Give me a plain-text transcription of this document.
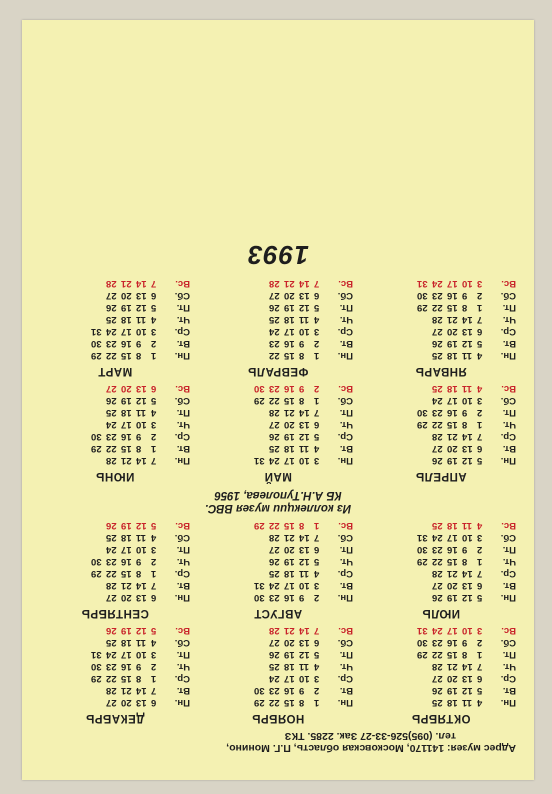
Адрес музея: 141170, Московская область, П.Г. Монино,
тел. (095)526-33-27 Зак. 2285. ТКЗ
ОКТЯБРЬ
Пн.	4	11	18	25	
Вт.	5	12	19	26	
Ср.	6	13	20	27	
Чт.	7	14	21	28	
Пт.	1	8	15	22	29
Сб.	2	9	16	23	30
Вс.	3	10	17	24	31
НОЯБРЬ
Пн.	1	8	15	22	29
Вт.	2	9	16	23	30
Ср.	3	10	17	24	
Чт.	4	11	18	25	
Пт.	5	12	19	26	
Сб.	6	13	20	27	
Вс.	7	14	21	28	
ДЕКАБРЬ
Пн.	6	13	20	27	
Вт.	7	14	21	28	
Ср.	1	8	15	22	29
Чт.	2	9	16	23	30
Пт.	3	10	17	24	31
Сб.	4	11	18	25	
Вс.	5	12	19	26	
ИЮЛЬ
Пн.	5	12	19	26	
Вт.	6	13	20	27	
Ср.	7	14	21	28	
Чт.	1	8	15	22	29
Пт.	2	9	16	23	30
Сб.	3	10	17	24	31
Вс.	4	11	18	25	
АВГУСТ
Пн.	2	9	16	23	30
Вт.	3	10	17	24	31
Ср.	4	11	18	25	
Чт.	5	12	19	26	
Пт.	6	13	20	27	
Сб.	7	14	21	28	
Вс.	1	8	15	22	29
СЕНТЯБРЬ
Пн.	6	13	20	27	
Вт.	7	14	21	28	
Ср.	1	8	15	22	29
Чт.	2	9	16	23	30
Пт.	3	10	17	24	
Сб.	4	11	18	25	
Вс.	5	12	19	26	
Из коллекции музея ВВС.
КБ А.Н.Туполева, 1956
АПРЕЛЬ
Пн.	5	12	19	26	
Вт.	6	13	20	27	
Ср.	7	14	21	28	
Чт.	1	8	15	22	29
Пт.	2	9	16	23	30
Сб.	3	10	17	24	
Вс.	4	11	18	25	
МАЙ
Пн.	3	10	17	24	31
Вт.	4	11	18	25	
Ср.	5	12	19	26	
Чт.	6	13	20	27	
Пт.	7	14	21	28	
Сб.	1	8	15	22	29
Вс.	2	9	16	23	30
ИЮНЬ
Пн.	7	14	21	28	
Вт.	1	8	15	22	29
Ср.	2	9	16	23	30
Чт.	3	10	17	24	
Пт.	4	11	18	25	
Сб.	5	12	19	26	
Вс.	6	13	20	27	
ЯНВАРЬ
Пн.	4	11	18	25	
Вт.	5	12	19	26	
Ср.	6	13	20	27	
Чт.	7	14	21	28	
Пт.	1	8	15	22	29
Сб.	2	9	16	23	30
Вс.	3	10	17	24	31
ФЕВРАЛЬ
Пн.	1	8	15	22	
Вт.	2	9	16	23	
Ср.	3	10	17	24	
Чт.	4	11	18	25	
Пт.	5	12	19	26	
Сб.	6	13	20	27	
Вс.	7	14	21	28	
МАРТ
Пн.	1	8	15	22	29
Вт.	2	9	16	23	30
Ср.	3	10	17	24	31
Чт.	4	11	18	25	
Пт.	5	12	19	26	
Сб.	6	13	20	27	
Вс.	7	14	21	28	
1993
